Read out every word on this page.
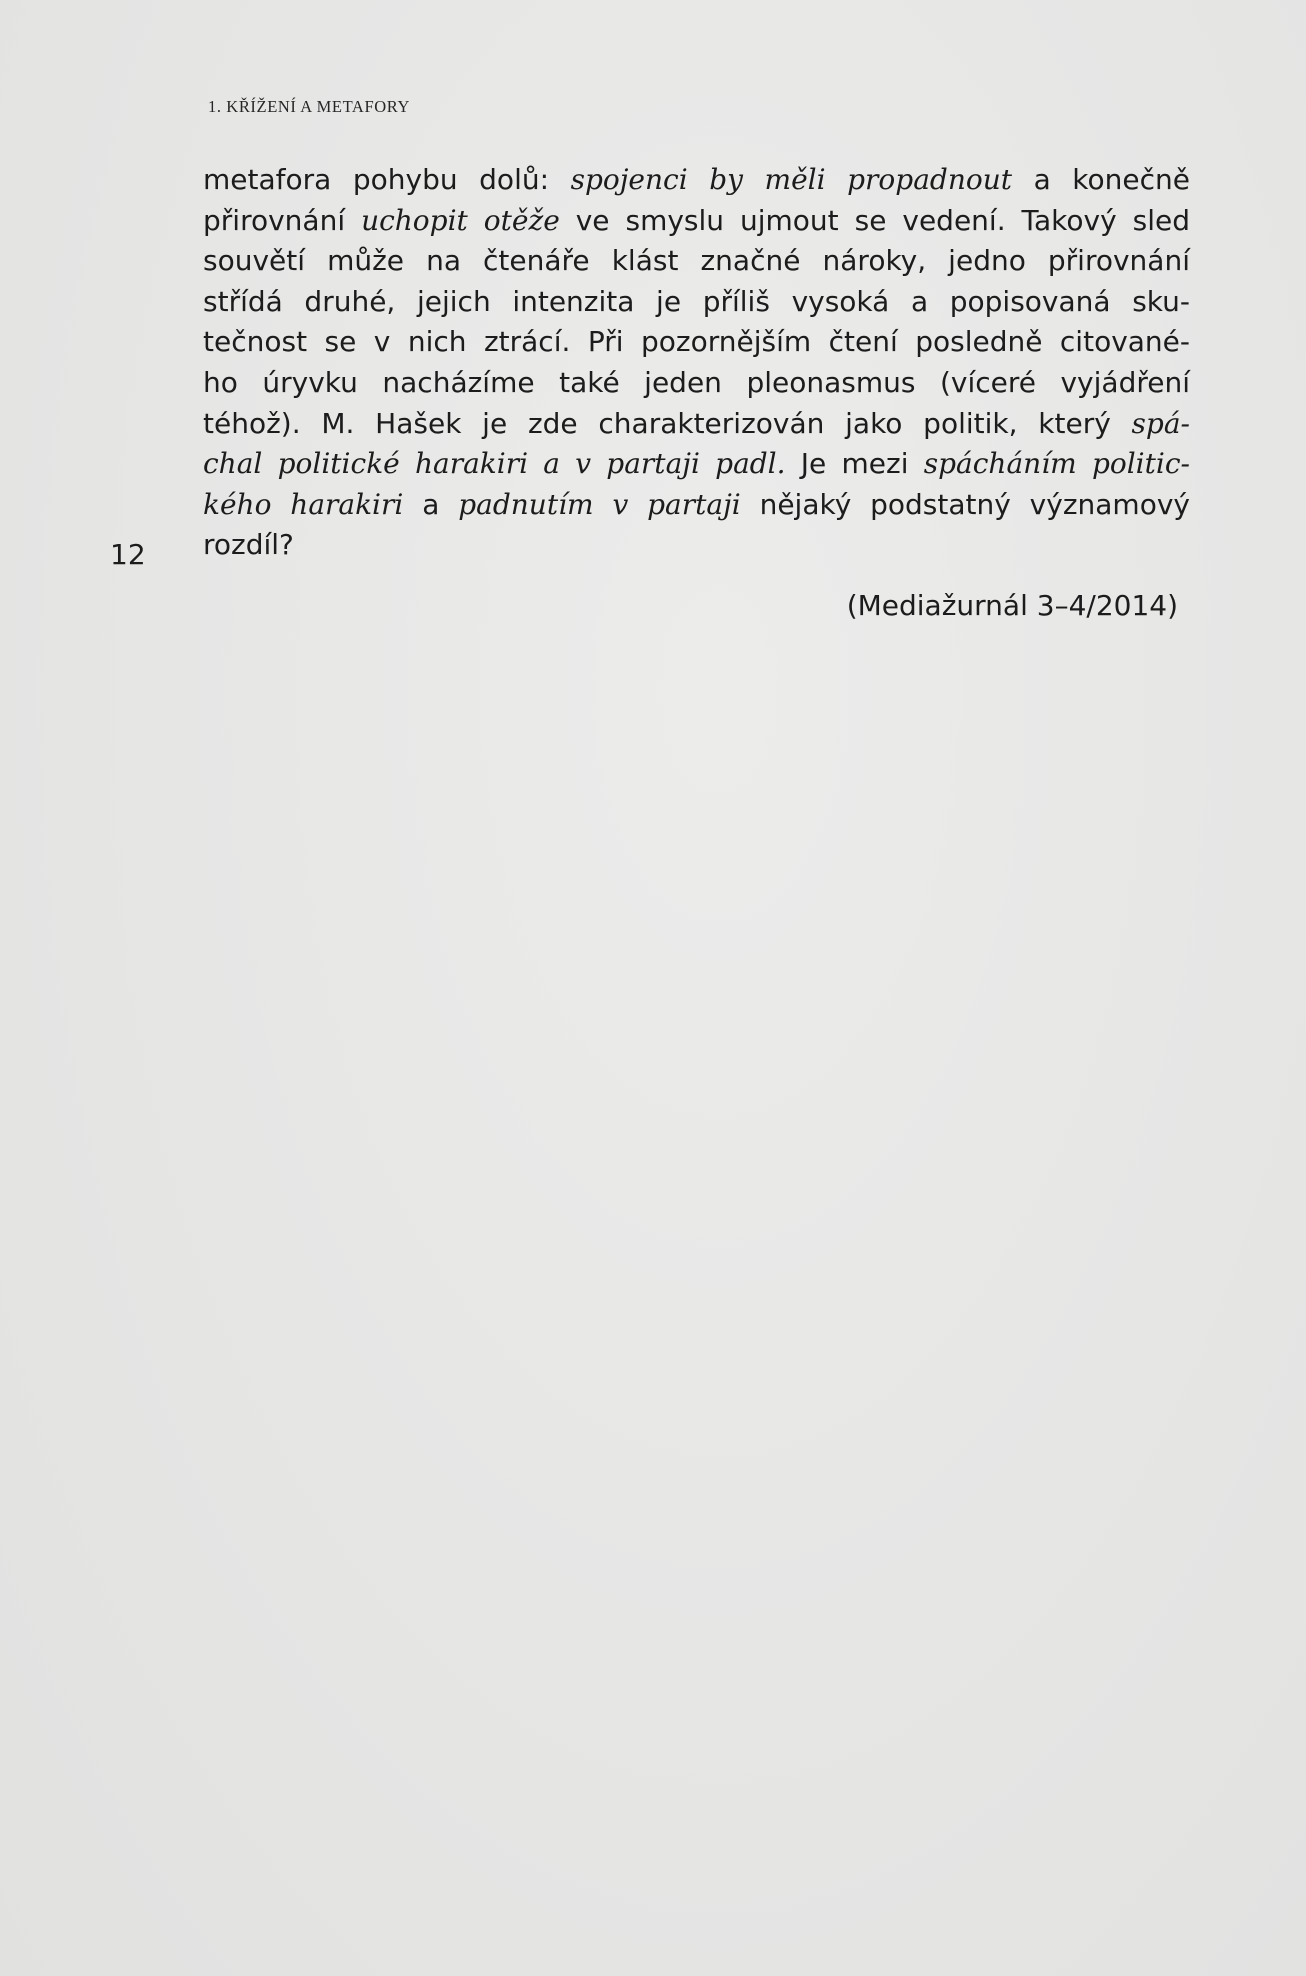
1. KŘÍŽENÍ A METAFORY
metafora pohybu dolů: spojenci by měli propadnout a konečně
přirovnání uchopit otěže ve smyslu ujmout se vedení. Takový sled
souvětí může na čtenáře klást značné nároky, jedno přirovnání
střídá druhé, jejich intenzita je příliš vysoká a popisovaná sku-
tečnost se v nich ztrácí. Při pozornějším čtení posledně citované-
ho úryvku nacházíme také jeden pleonasmus (víceré vyjádření
téhož). M. Hašek je zde charakterizován jako politik, který spá-
chal politické harakiri a v partaji padl. Je mezi spácháním politic-
kého harakiri a padnutím v partaji nějaký podstatný významový
rozdíl?
12
(Mediažurnál 3–4/2014)
